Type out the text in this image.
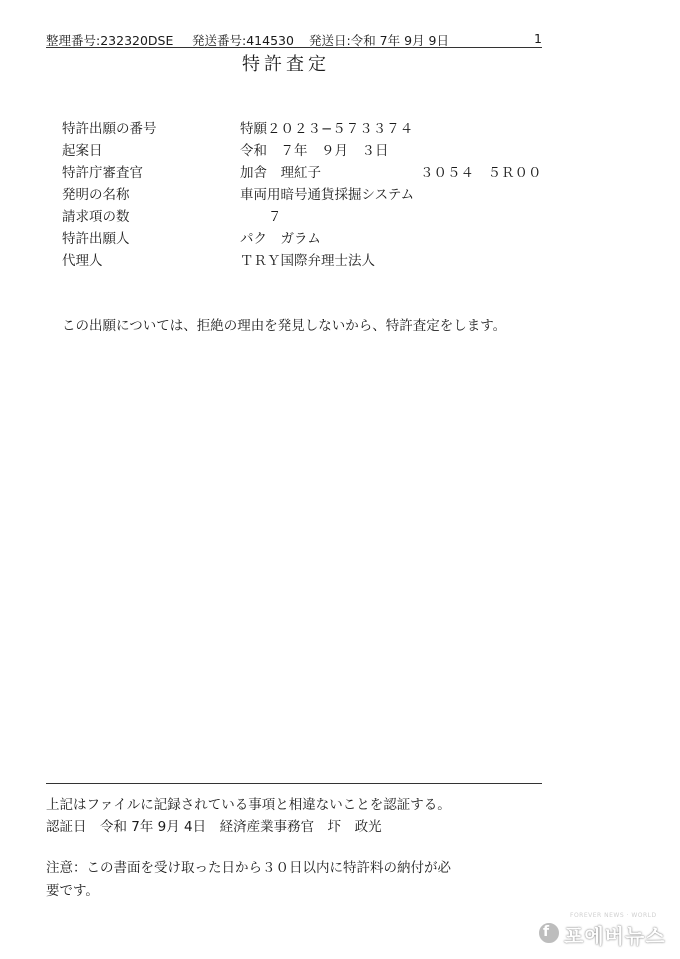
整理番号:232320DSE 発送番号:414530 発送日:令和 7年 9月 9日	1
特許査定
特許出願の番号	特願２０２３−５７３３７４
起案日	令和　７年　９月　３日
特許庁審査官	加舎　理紅子	３０５４　５Ｒ００
発明の名称	車両用暗号通貨採掘システム
請求項の数	７
特許出願人	パク　ガラム
代理人	ＴＲＹ国際弁理士法人
この出願については、拒絶の理由を発見しないから、特許査定をします。
上記はファイルに記録されている事項と相違ないことを認証する。
認証日　令和 7年 9月 4日　経済産業事務官　圷　政光
注意：この書面を受け取った日から３０日以内に特許料の納付が必
要です。
FOREVER NEWS · WORLD
f 포에버뉴스
